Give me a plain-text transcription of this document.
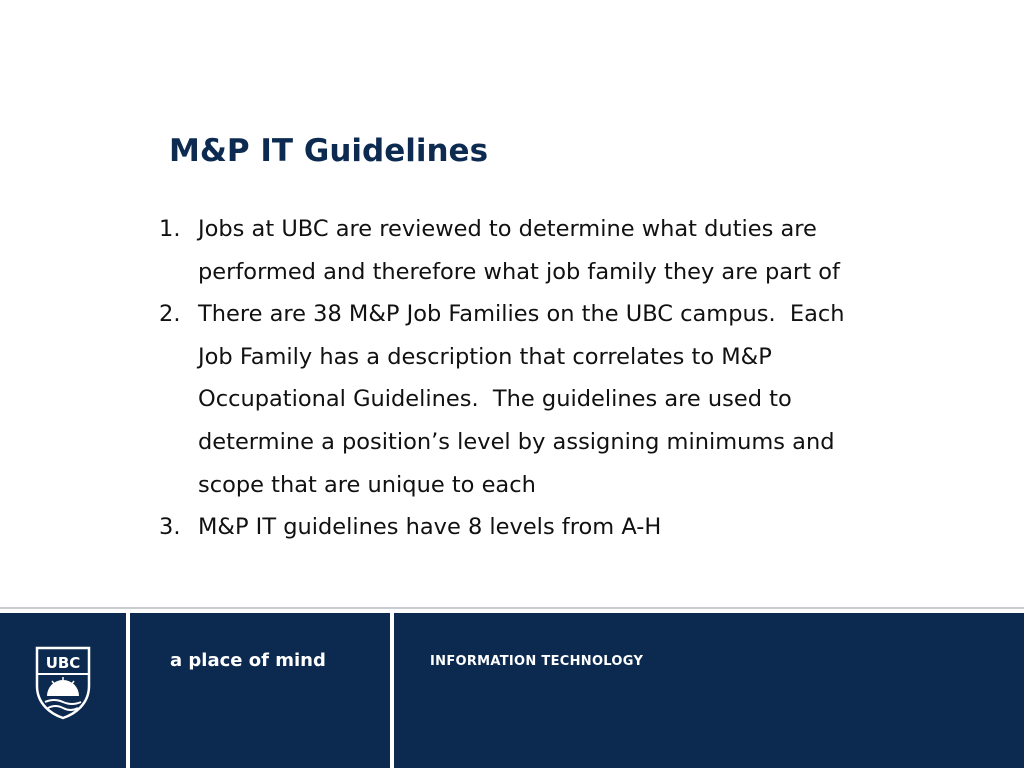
M&P IT Guidelines
1. Jobs at UBC are reviewed to determine what duties are
performed and therefore what job family they are part of
2. There are 38 M&P Job Families on the UBC campus.  Each
Job Family has a description that correlates to M&P
Occupational Guidelines.  The guidelines are used to
determine a position’s level by assigning minimums and
scope that are unique to each
3. M&P IT guidelines have 8 levels from A-H
UBC	a place of mind	INFORMATION TECHNOLOGY
